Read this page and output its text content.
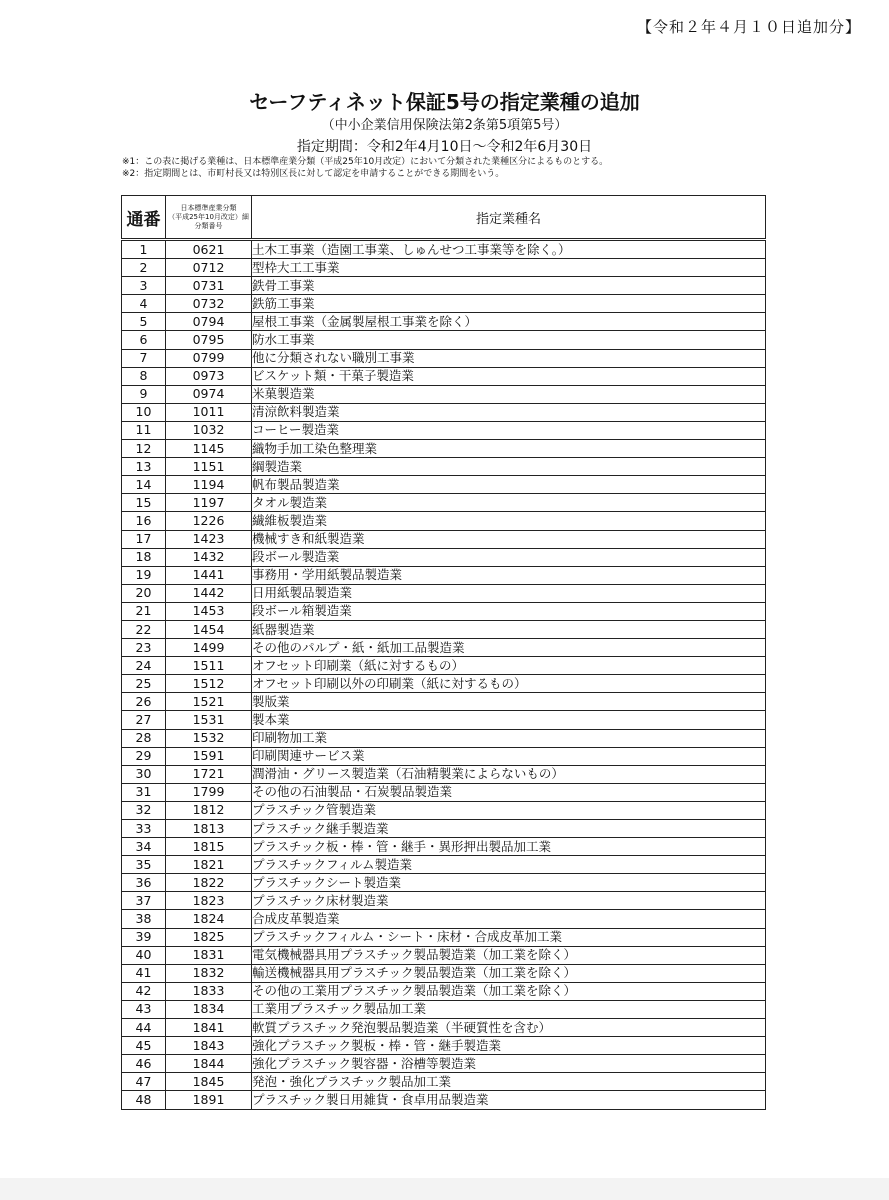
【令和２年４月１０日追加分】
セーフティネット保証5号の指定業種の追加
（中小企業信用保険法第2条第5項第5号）
指定期間：令和2年4月10日～令和2年6月30日
※1：この表に掲げる業種は、日本標準産業分類（平成25年10月改定）において分類された業種区分によるものとする。
※2：指定期間とは、市町村長又は特別区長に対して認定を申請することができる期間をいう。
通番	日本標準産業分類
（平成25年10月改定）細
分類番号	指定業種名
1	0621	土木工事業（造園工事業、しゅんせつ工事業等を除く。）
2	0712	型枠大工工事業
3	0731	鉄骨工事業
4	0732	鉄筋工事業
5	0794	屋根工事業（金属製屋根工事業を除く）
6	0795	防水工事業
7	0799	他に分類されない職別工事業
8	0973	ビスケット類・干菓子製造業
9	0974	米菓製造業
10	1011	清涼飲料製造業
11	1032	コーヒー製造業
12	1145	織物手加工染色整理業
13	1151	綱製造業
14	1194	帆布製品製造業
15	1197	タオル製造業
16	1226	繊維板製造業
17	1423	機械すき和紙製造業
18	1432	段ボール製造業
19	1441	事務用・学用紙製品製造業
20	1442	日用紙製品製造業
21	1453	段ボール箱製造業
22	1454	紙器製造業
23	1499	その他のパルプ・紙・紙加工品製造業
24	1511	オフセット印刷業（紙に対するもの）
25	1512	オフセット印刷以外の印刷業（紙に対するもの）
26	1521	製版業
27	1531	製本業
28	1532	印刷物加工業
29	1591	印刷関連サービス業
30	1721	潤滑油・グリース製造業（石油精製業によらないもの）
31	1799	その他の石油製品・石炭製品製造業
32	1812	プラスチック管製造業
33	1813	プラスチック継手製造業
34	1815	プラスチック板・棒・管・継手・異形押出製品加工業
35	1821	プラスチックフィルム製造業
36	1822	プラスチックシート製造業
37	1823	プラスチック床材製造業
38	1824	合成皮革製造業
39	1825	プラスチックフィルム・シート・床材・合成皮革加工業
40	1831	電気機械器具用プラスチック製品製造業（加工業を除く）
41	1832	輸送機械器具用プラスチック製品製造業（加工業を除く）
42	1833	その他の工業用プラスチック製品製造業（加工業を除く）
43	1834	工業用プラスチック製品加工業
44	1841	軟質プラスチック発泡製品製造業（半硬質性を含む）
45	1843	強化プラスチック製板・棒・管・継手製造業
46	1844	強化プラスチック製容器・浴槽等製造業
47	1845	発泡・強化プラスチック製品加工業
48	1891	プラスチック製日用雑貨・食卓用品製造業
